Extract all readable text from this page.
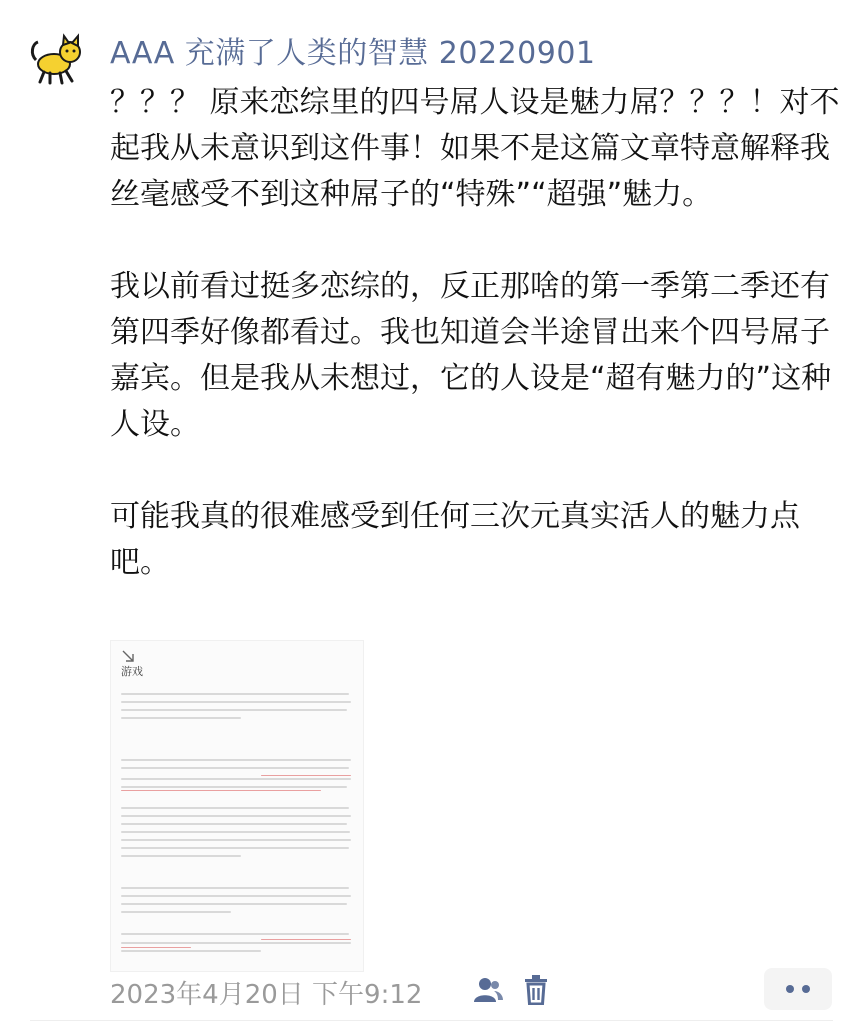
AAA 充满了人类的智慧 20220901

？？？ 原来恋综里的四号屌人设是魅力屌？？？！对不起我从未意识到这件事！如果不是这篇文章特意解释我丝毫感受不到这种屌子的“特殊”“超强”魅力。

我以前看过挺多恋综的，反正那啥的第一季第二季还有第四季好像都看过。我也知道会半途冒出来个四号屌子嘉宾。但是我从未想过，它的人设是“超有魅力的”这种人设。

可能我真的很难感受到任何三次元真实活人的魅力点吧。

游戏
2023年4月20日 下午9:12
